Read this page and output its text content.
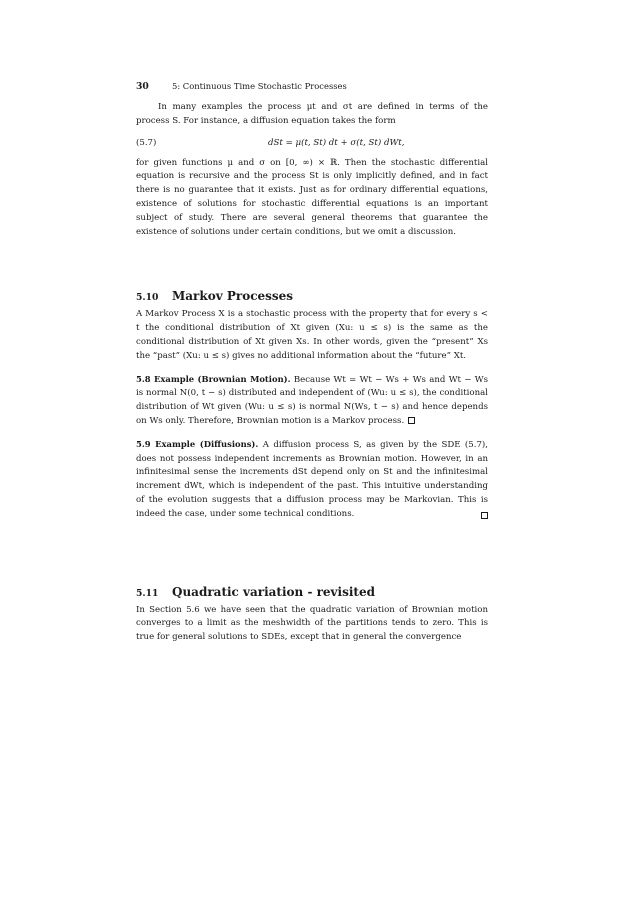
30	5: Continuous Time Stochastic Processes

In many examples the process μt and σt are defined in terms of the process S. For instance, a diffusion equation takes the form

(5.7)	dSt = μ(t, St) dt + σ(t, St) dWt,

for given functions μ and σ on [0, ∞) × ℝ. Then the stochastic differential equation is recursive and the process St is only implicitly defined, and in fact there is no guarantee that it exists. Just as for ordinary differential equations, existence of solutions for stochastic differential equations is an important subject of study. There are several general theorems that guarantee the existence of solutions under certain conditions, but we omit a discussion.

5.10 Markov Processes

A Markov Process X is a stochastic process with the property that for every s < t the conditional distribution of Xt given (Xu: u ≤ s) is the same as the conditional distribution of Xt given Xs. In other words, given the “present” Xs the “past” (Xu: u ≤ s) gives no additional information about the “future” Xt.

5.8 Example (Brownian Motion). Because Wt = Wt − Ws + Ws and Wt − Ws is normal N(0, t − s) distributed and independent of (Wu: u ≤ s), the conditional distribution of Wt given (Wu: u ≤ s) is normal N(Ws, t − s) and hence depends on Ws only. Therefore, Brownian motion is a Markov process.

5.9 Example (Diffusions). A diffusion process S, as given by the SDE (5.7), does not possess independent increments as Brownian motion. However, in an infinitesimal sense the increments dSt depend only on St and the infinitesimal increment dWt, which is independent of the past. This intuitive understanding of the evolution suggests that a diffusion process may be Markovian. This is indeed the case, under some technical conditions.

5.11 Quadratic variation - revisited

In Section 5.6 we have seen that the quadratic variation of Brownian motion converges to a limit as the meshwidth of the partitions tends to zero. This is true for general solutions to SDEs, except that in general the convergence
